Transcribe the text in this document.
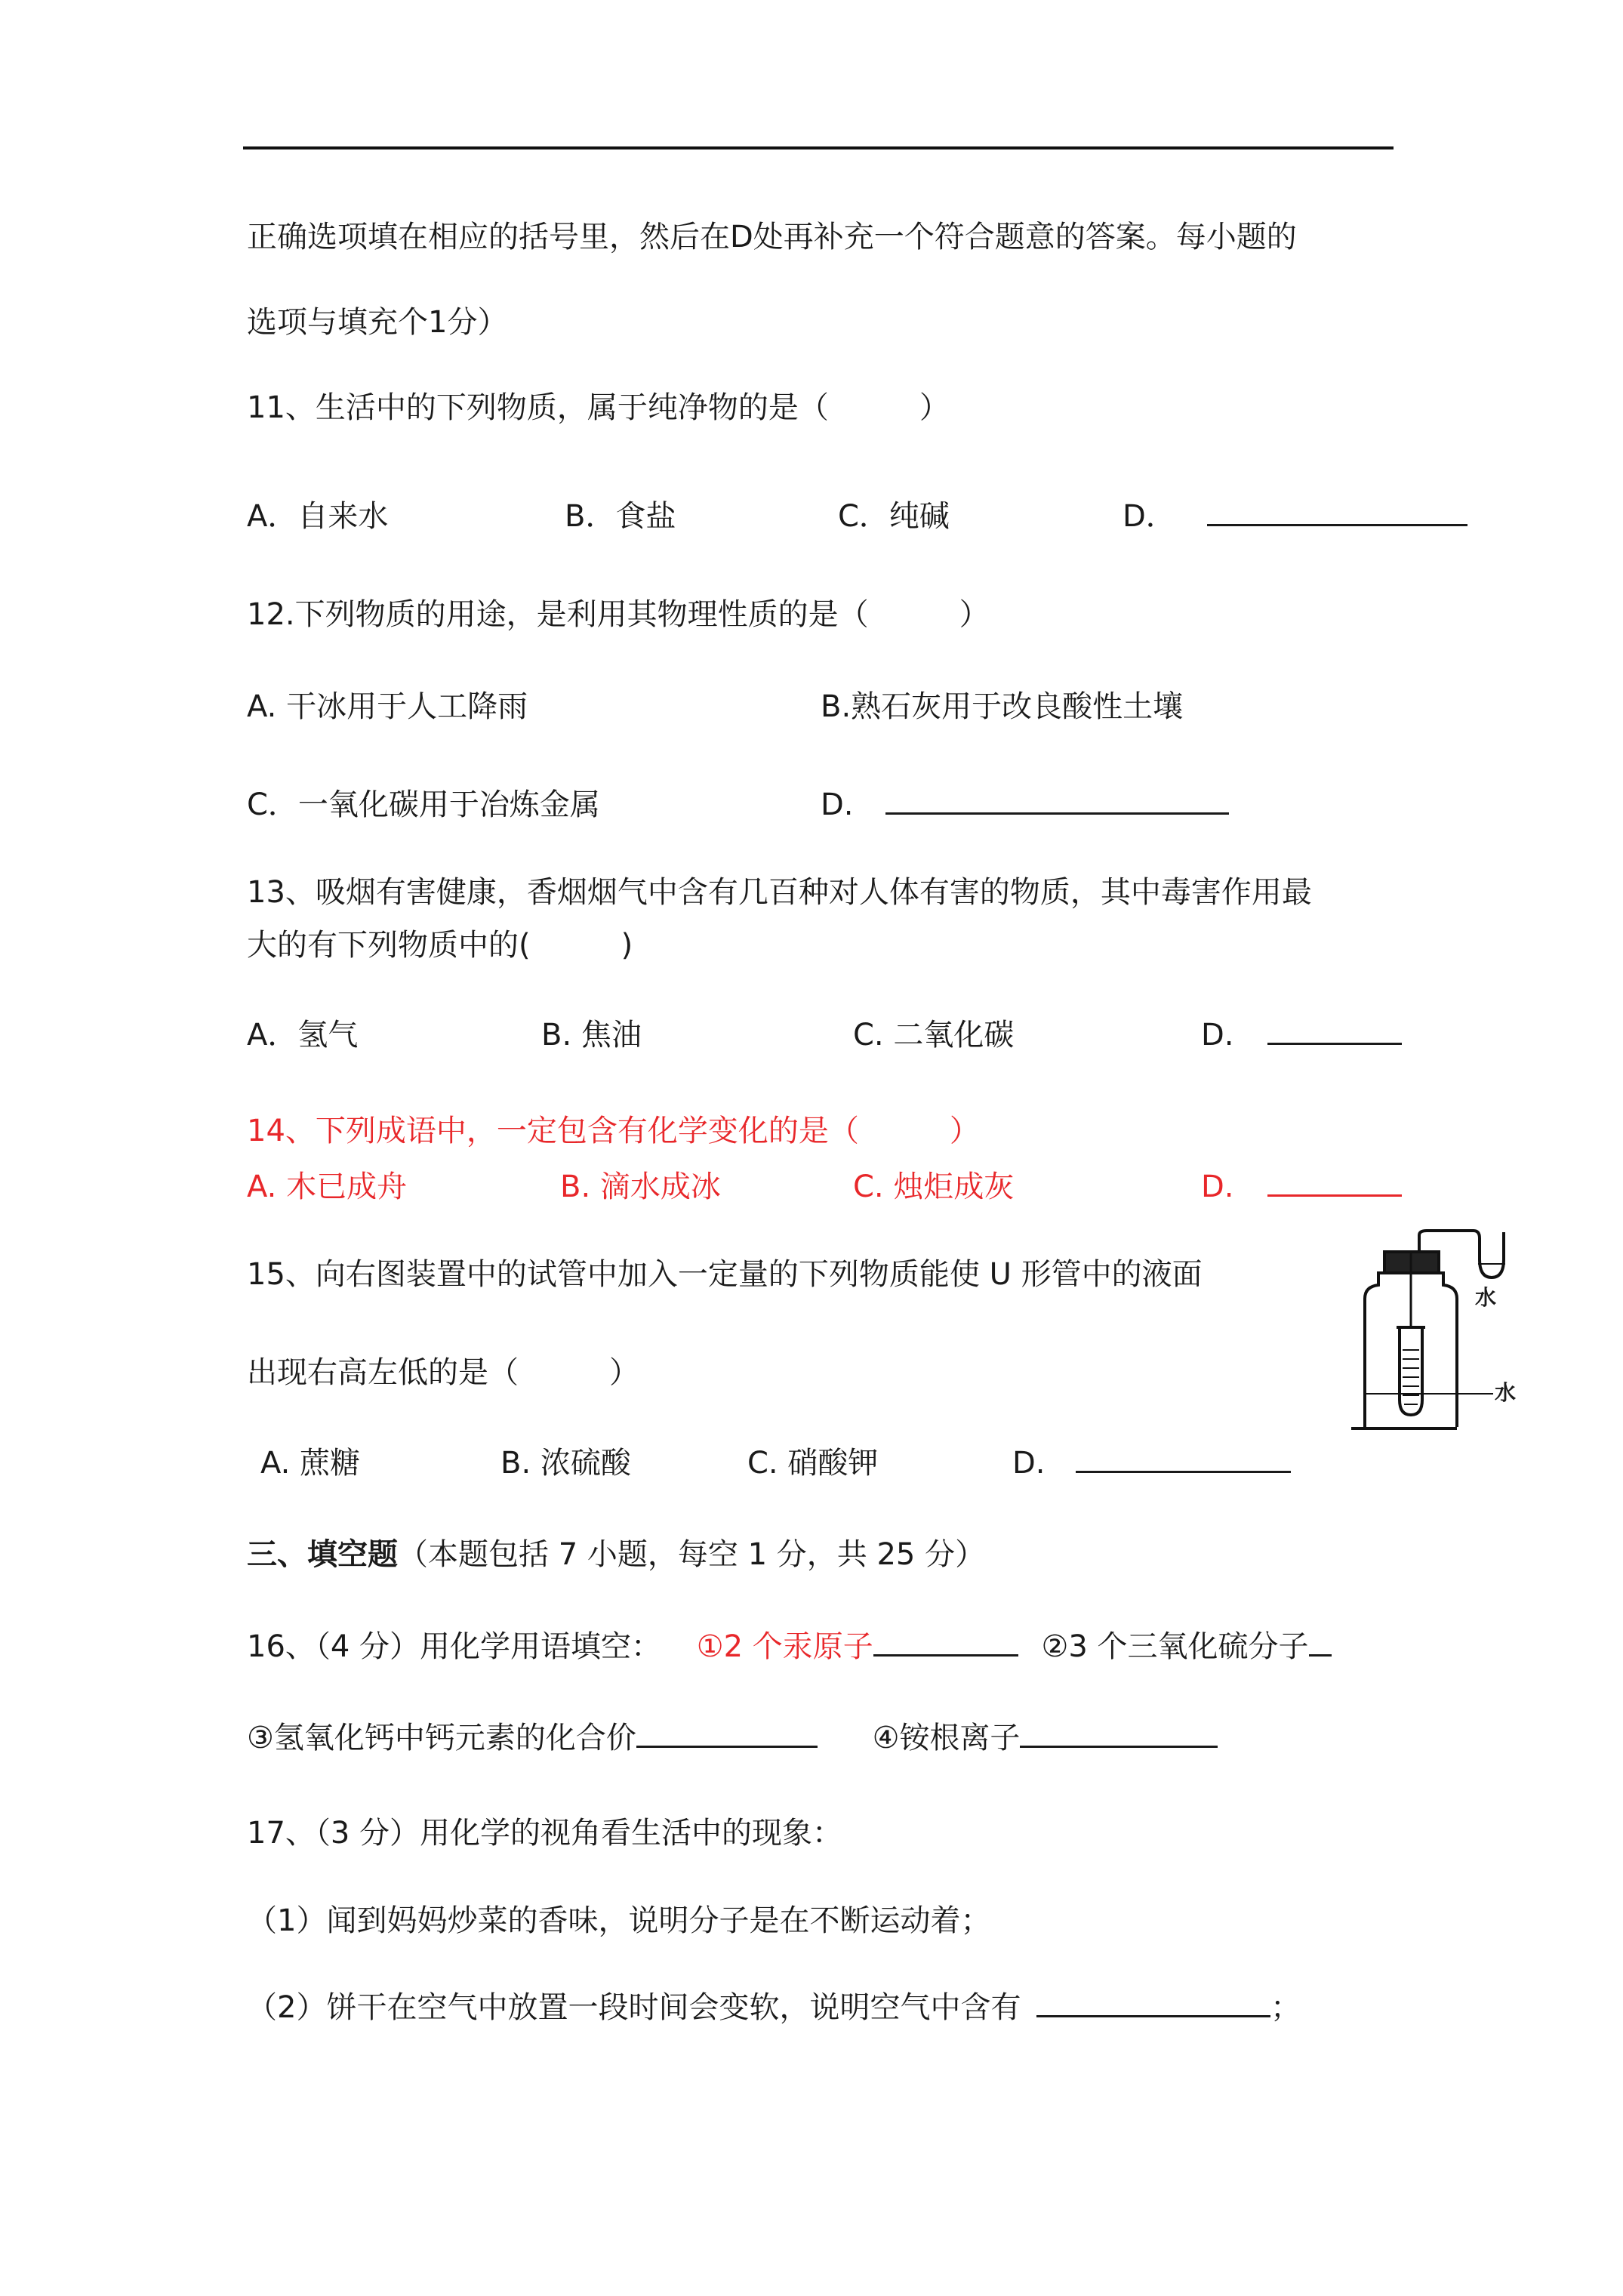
正确选项填在相应的括号里，然后在D处再补充一个符合题意的答案。每小题的
选项与填充个1分）
11、生活中的下列物质，属于纯净物的是（　　　）
A．自来水	B．食盐	C．纯碱	D．
12.下列物质的用途，是利用其物理性质的是（　　　）
A. 干冰用于人工降雨	B.熟石灰用于改良酸性土壤
C．一氧化碳用于冶炼金属	D.
13、吸烟有害健康，香烟烟气中含有几百种对人体有害的物质，其中毒害作用最
大的有下列物质中的(　　　)
A．氢气	B. 焦油	C. 二氧化碳	D.
14、下列成语中，一定包含有化学变化的是（　　　）
A. 木已成舟	B. 滴水成冰	C. 烛炬成灰	D.
15、向右图装置中的试管中加入一定量的下列物质能使 U 形管中的液面
出现右高左低的是（　　　）
A. 蔗糖	B. 浓硫酸	C. 硝酸钾	D.
水
水
三、填空题（本题包括 7 小题，每空 1 分，共 25 分）
16、（4 分）用化学用语填空： ①2 个汞原子	②3 个三氧化硫分子
③氢氧化钙中钙元素的化合价	④铵根离子
17、（3 分）用化学的视角看生活中的现象：
（1）闻到妈妈炒菜的香味，说明分子是在不断运动着；
（2）饼干在空气中放置一段时间会变软，说明空气中含有	；
